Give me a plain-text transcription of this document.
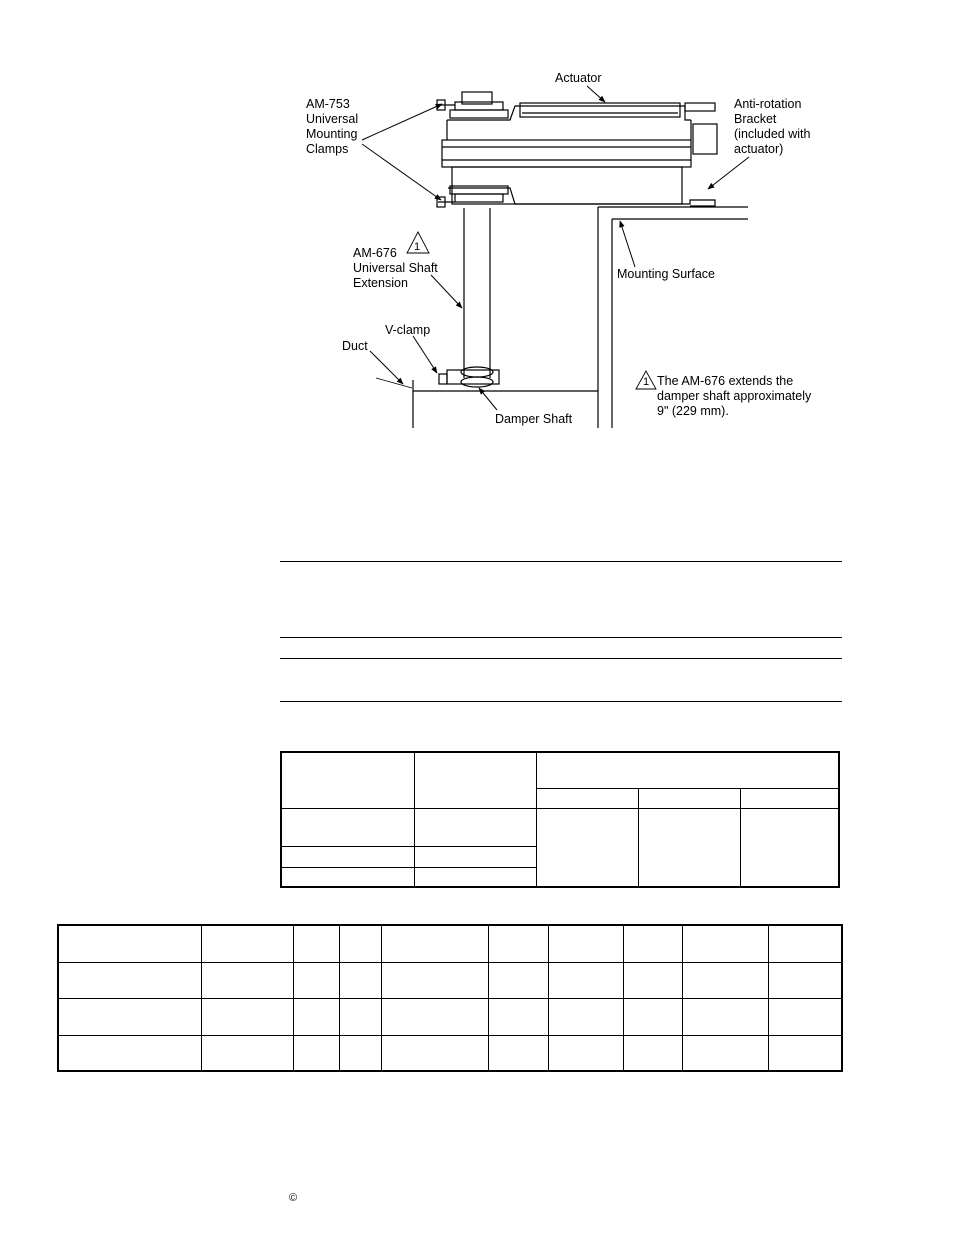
Actuator
AM-753
Universal
Mounting
Clamps
Anti-rotation
Bracket
(included with
actuator)
AM-676
Universal Shaft
Extension
1
Mounting Surface
V-clamp
Duct
1 The AM-676 extends the
damper shaft approximately
9" (229 mm).
Damper Shaft

©
